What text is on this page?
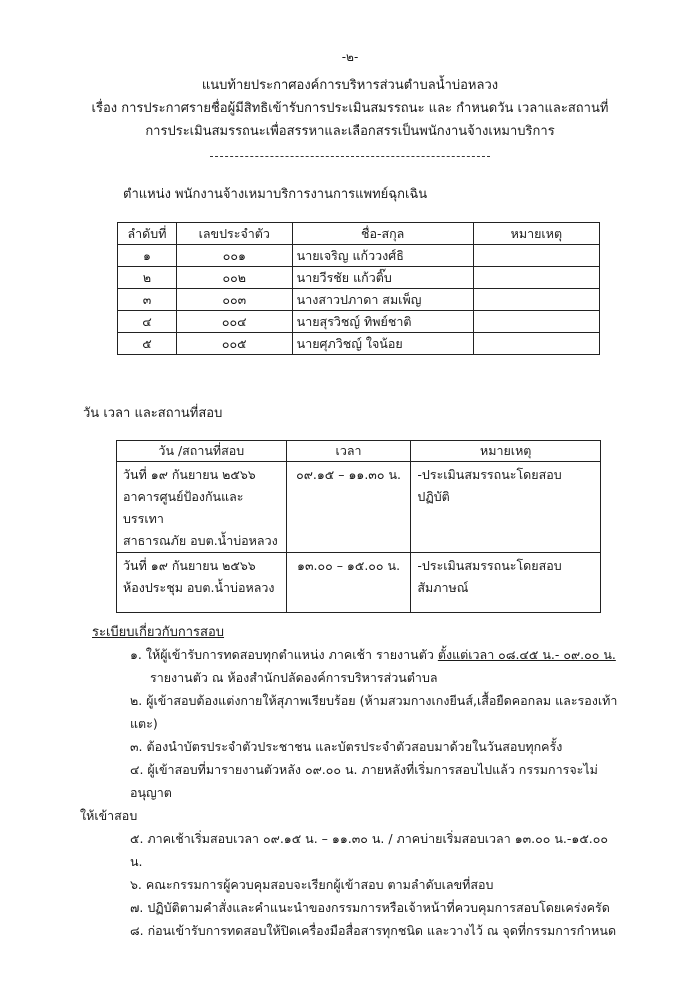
-๒-
แนบท้ายประกาศองค์การบริหารส่วนตำบลน้ำบ่อหลวง
เรื่อง การประกาศรายชื่อผู้มีสิทธิเข้ารับการประเมินสมรรถนะ และ กำหนดวัน เวลาและสถานที่
การประเมินสมรรถนะเพื่อสรรหาและเลือกสรรเป็นพนักงานจ้างเหมาบริการ
ตำแหน่ง พนักงานจ้างเหมาบริการงานการแพทย์ฉุกเฉิน
ลำดับที่	เลขประจำตัว	ชื่อ-สกุล	หมายเหตุ
๑	๐๐๑	นายเจริญ แก้ววงศ์ธิ	
๒	๐๐๒	นายวีรชัย แก้วติ๊บ	
๓	๐๐๓	นางสาวปภาดา สมเพ็ญ	
๔	๐๐๔	นายสุรวิชญ์ ทิพย์ชาติ	
๕	๐๐๕	นายศุภวิชญ์ ใจน้อย	
วัน เวลา และสถานที่สอบ
วัน /สถานที่สอบ	เวลา	หมายเหตุ

วันที่ ๑๙ กันยายน ๒๕๖๖
อาคารศูนย์ป้องกันและบรรเทา
สาธารณภัย อบต.น้ำบ่อหลวง	๐๙.๑๕ – ๑๑.๓๐ น.	-ประเมินสมรรถนะโดยสอบปฏิบัติ

วันที่ ๑๙ กันยายน ๒๕๖๖
ห้องประชุม อบต.น้ำบ่อหลวง	๑๓.๐๐ – ๑๕.๐๐ น.	-ประเมินสมรรถนะโดยสอบสัมภาษณ์
ระเบียบเกี่ยวกับการสอบ
๑. ให้ผู้เข้ารับการทดสอบทุกตำแหน่ง ภาคเช้า รายงานตัว ตั้งแต่เวลา ๐๘.๔๕ น.- ๐๙.๐๐ น.
รายงานตัว ณ ห้องสำนักปลัดองค์การบริหารส่วนตำบล
๒. ผู้เข้าสอบต้องแต่งกายให้สุภาพเรียบร้อย (ห้ามสวมกางเกงยีนส์,เสื้อยืดคอกลม และรองเท้าแตะ)
๓. ต้องนำบัตรประจำตัวประชาชน และบัตรประจำตัวสอบมาด้วยในวันสอบทุกครั้ง
๔. ผู้เข้าสอบที่มารายงานตัวหลัง ๐๙.๐๐ น. ภายหลังที่เริ่มการสอบไปแล้ว กรรมการจะไม่อนุญาต
ให้เข้าสอบ
๕. ภาคเช้าเริ่มสอบเวลา ๐๙.๑๕ น. – ๑๑.๓๐ น. / ภาคบ่ายเริ่มสอบเวลา ๑๓.๐๐ น.-๑๕.๐๐ น.
๖. คณะกรรมการผู้ควบคุมสอบจะเรียกผู้เข้าสอบ ตามลำดับเลขที่สอบ
๗. ปฏิบัติตามคำสั่งและคำแนะนำของกรรมการหรือเจ้าหน้าที่ควบคุมการสอบโดยเคร่งครัด
๘. ก่อนเข้ารับการทดสอบให้ปิดเครื่องมือสื่อสารทุกชนิด และวางไว้ ณ จุดที่กรรมการกำหนด
